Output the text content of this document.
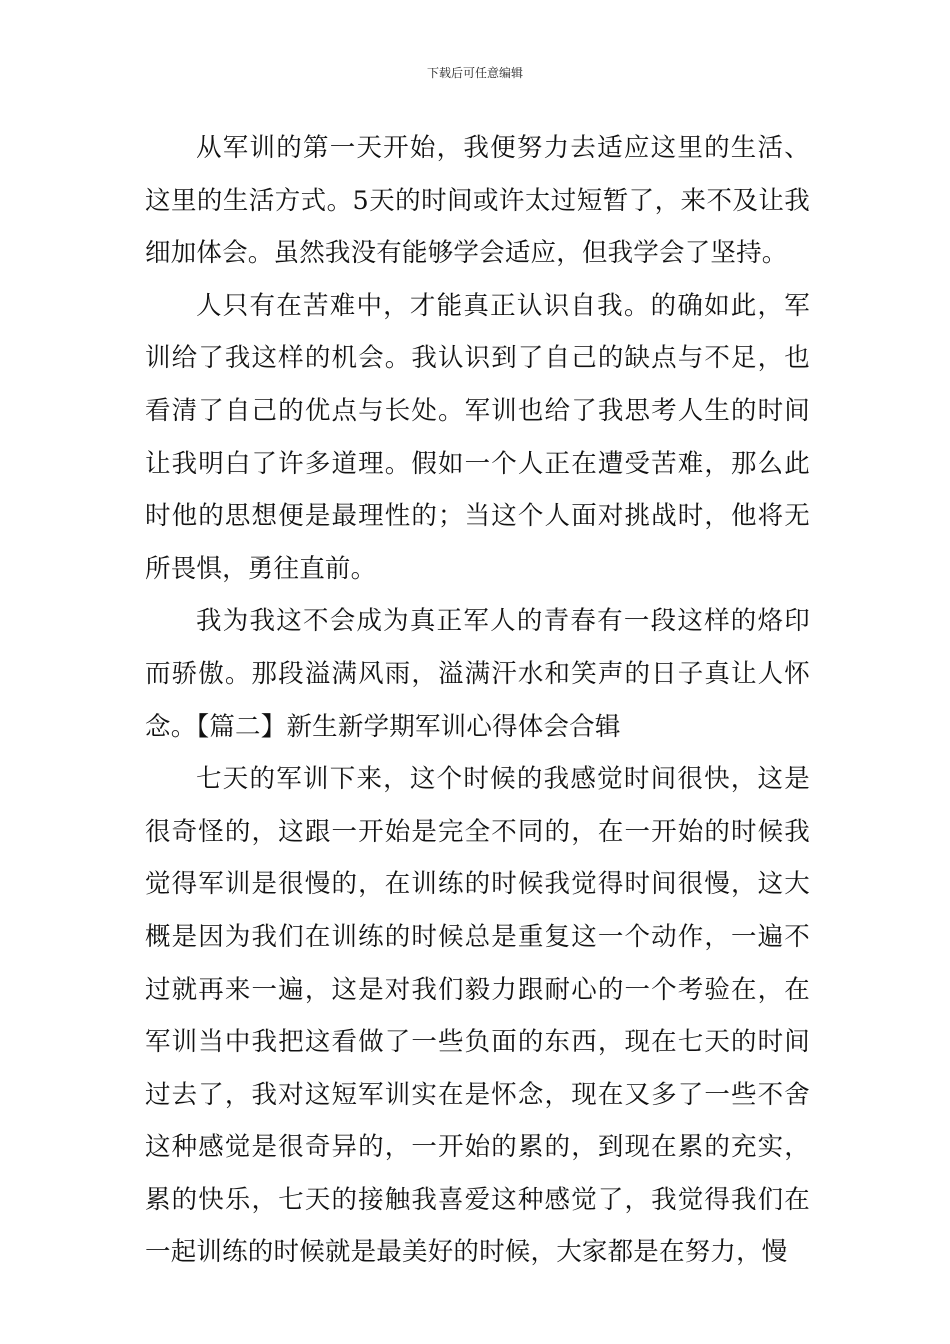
下载后可任意编辑

从军训的第一天开始，我便努力去适应这里的生活、这里的生活方式。5天的时间或许太过短暂了，来不及让我细加体会。虽然我没有能够学会适应，但我学会了坚持。

人只有在苦难中，才能真正认识自我。的确如此，军训给了我这样的机会。我认识到了自己的缺点与不足，也看清了自己的优点与长处。军训也给了我思考人生的时间让我明白了许多道理。假如一个人正在遭受苦难，那么此时他的思想便是最理性的；当这个人面对挑战时，他将无所畏惧，勇往直前。

我为我这不会成为真正军人的青春有一段这样的烙印而骄傲。那段溢满风雨，溢满汗水和笑声的日子真让人怀念。【篇二】新生新学期军训心得体会合辑

七天的军训下来，这个时候的我感觉时间很快，这是很奇怪的，这跟一开始是完全不同的，在一开始的时候我觉得军训是很慢的，在训练的时候我觉得时间很慢，这大概是因为我们在训练的时候总是重复这一个动作，一遍不过就再来一遍，这是对我们毅力跟耐心的一个考验在，在军训当中我把这看做了一些负面的东西，现在七天的时间过去了，我对这短军训实在是怀念，现在又多了一些不舍这种感觉是很奇异的，一开始的累的，到现在累的充实，累的快乐，七天的接触我喜爱这种感觉了，我觉得我们在一起训练的时候就是最美好的时候，大家都是在努力，慢
